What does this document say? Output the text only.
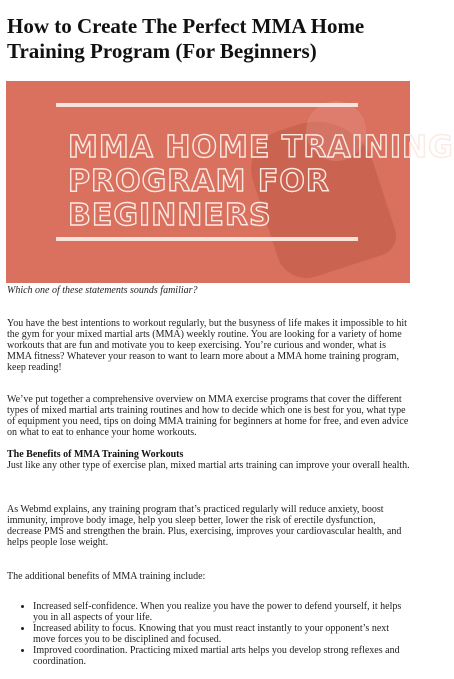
How to Create The Perfect MMA Home Training Program (For Beginners)
MMA HOME TRAINING
PROGRAM FOR
BEGINNERS
Which one of these statements sounds familiar?

You have the best intentions to workout regularly, but the busyness of life makes it impossible to hit the gym for your mixed martial arts (MMA) weekly routine. You are looking for a variety of home workouts that are fun and motivate you to keep exercising. You’re curious and wonder, what is MMA fitness? Whatever your reason to want to learn more about a MMA home training program, keep reading!

We’ve put together a comprehensive overview on MMA exercise programs that cover the different types of mixed martial arts training routines and how to decide which one is best for you, what type of equipment you need, tips on doing MMA training for beginners at home for free, and even advice on what to eat to enhance your home workouts.

The Benefits of MMA Training Workouts

Just like any other type of exercise plan, mixed martial arts training can improve your overall health.

As Webmd explains, any training program that’s practiced regularly will reduce anxiety, boost immunity, improve body image, help you sleep better, lower the risk of erectile dysfunction, decrease PMS and strengthen the brain. Plus, exercising, improves your cardiovascular health, and helps people lose weight.

The additional benefits of MMA training include:

• Increased self-confidence. When you realize you have the power to defend yourself, it helps you in all aspects of your life.
• Increased ability to focus. Knowing that you must react instantly to your opponent’s next move forces you to be disciplined and focused.
• Improved coordination. Practicing mixed martial arts helps you develop strong reflexes and coordination.
